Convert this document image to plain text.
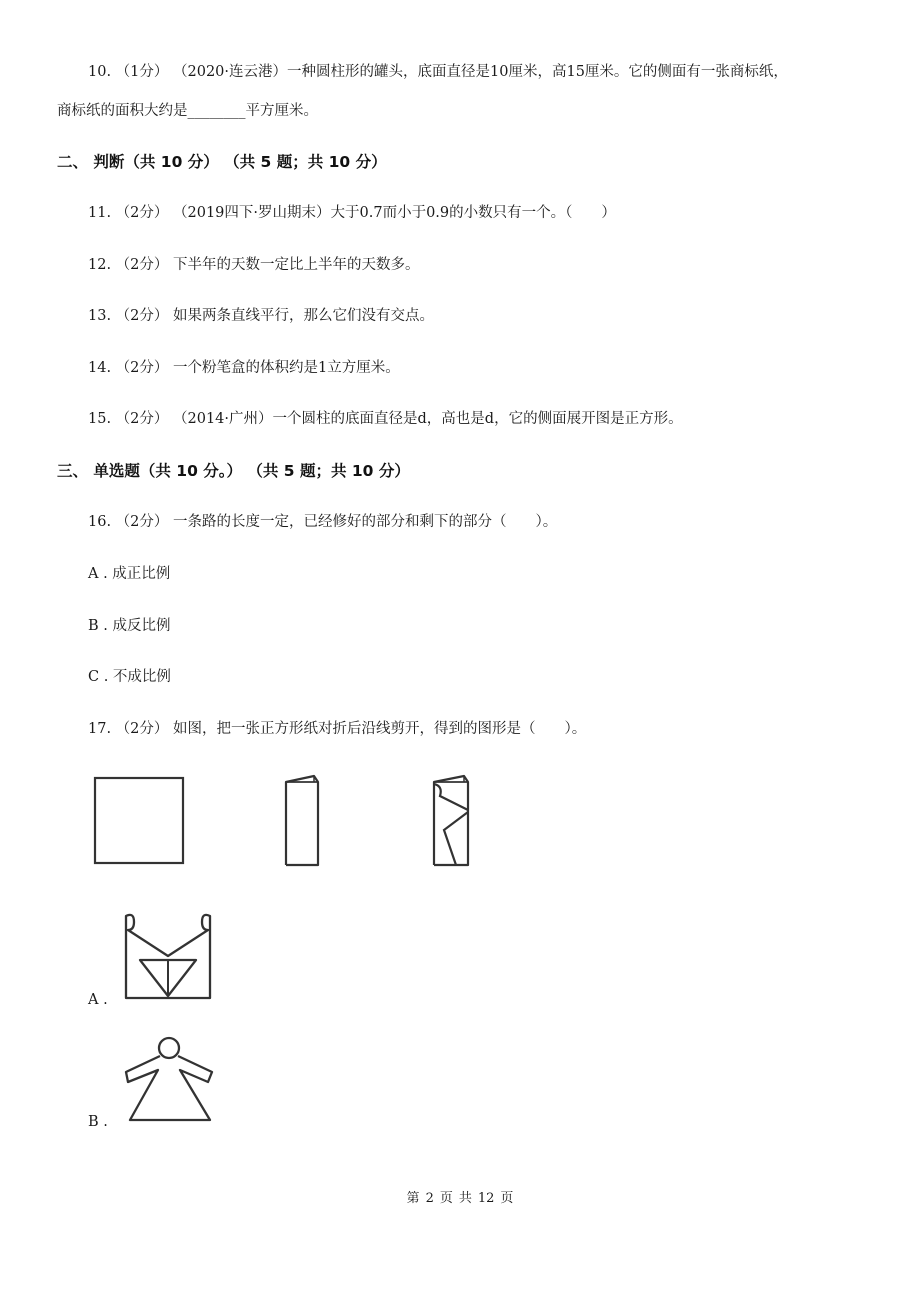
10. （1分） （2020·连云港）一种圆柱形的罐头，底面直径是10厘米，高15厘米。它的侧面有一张商标纸，
商标纸的面积大约是________平方厘米。
二、 判断（共 10 分） （共 5 题；共 10 分）
11. （2分） （2019四下·罗山期末）大于0.7而小于0.9的小数只有一个。（　　）
12. （2分） 下半年的天数一定比上半年的天数多。
13. （2分） 如果两条直线平行，那么它们没有交点。
14. （2分） 一个粉笔盒的体积约是1立方厘米。
15. （2分） （2014·广州）一个圆柱的底面直径是d，高也是d，它的侧面展开图是正方形。
三、 单选题（共 10 分。） （共 5 题；共 10 分）
16. （2分） 一条路的长度一定，已经修好的部分和剩下的部分（　　）。
A . 成正比例
B . 成反比例
C . 不成比例
17. （2分） 如图，把一张正方形纸对折后沿线剪开，得到的图形是（　　）。
A .
B .
第 2 页 共 12 页
